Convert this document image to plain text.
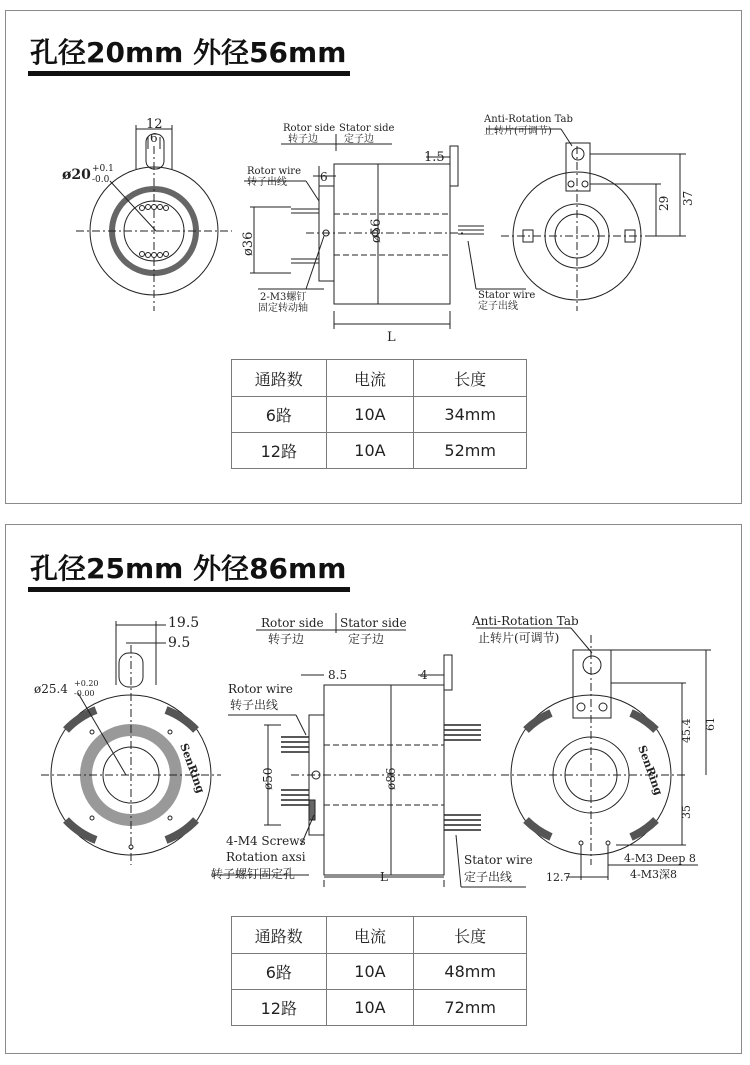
孔径20mm 外径56mm
12
6
ø20 +0.1
-0.0
Rotor side
转子边
Stator side
定子边
Rotor wire
转子出线	6
1.5
ø36
ø56
2-M3螺钉
固定转动轴
L
Stator wire
定子出线
Anti-Rotation Tab
止转片(可调节)
29 37
通路数	电流	长度
6路	10A	34mm
12路	10A	52mm
孔径25mm 外径86mm
19.5
9.5
ø25.4 +0.20
-0.00
SenRing
Rotor side
转子边
Stator side
定子边
8.5	4
Rotor wire
转子出线
ø50	ø86
4-M4 Screws
Rotation axsi
转子螺钉固定孔	L
Stator wire
定子出线
Anti-Rotation Tab
止转片(可调节)
SenRing
45.4 61
35
12.7
4-M3 Deep 8
4-M3深8
通路数	电流	长度
6路	10A	48mm
12路	10A	72mm
